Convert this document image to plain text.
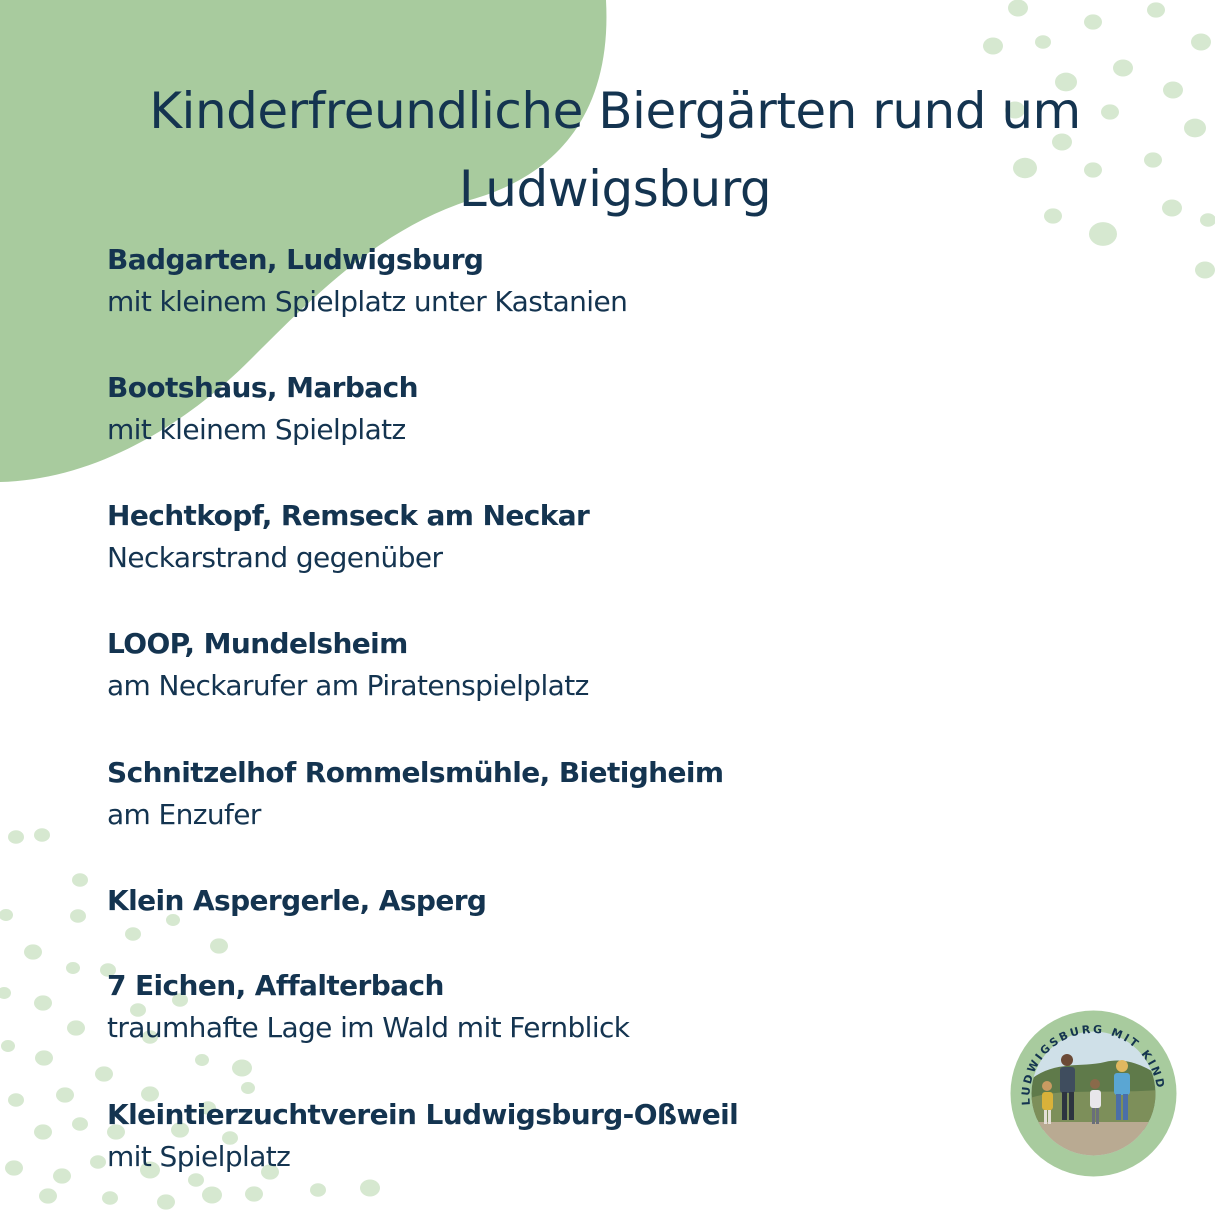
Kinderfreundliche Biergärten rund um
Ludwigsburg
Badgarten, Ludwigsburg
mit kleinem Spielplatz unter Kastanien
Bootshaus, Marbach
mit kleinem Spielplatz
Hechtkopf, Remseck am Neckar
Neckarstrand gegenüber
LOOP, Mundelsheim
am Neckarufer am Piratenspielplatz
Schnitzelhof Rommelsmühle, Bietigheim
am Enzufer
Klein Aspergerle, Asperg
7 Eichen, Affalterbach
traumhafte Lage im Wald mit Fernblick
Kleintierzuchtverein Ludwigsburg-Oßweil
mit Spielplatz
LUDWIGSBURG MIT KIND
